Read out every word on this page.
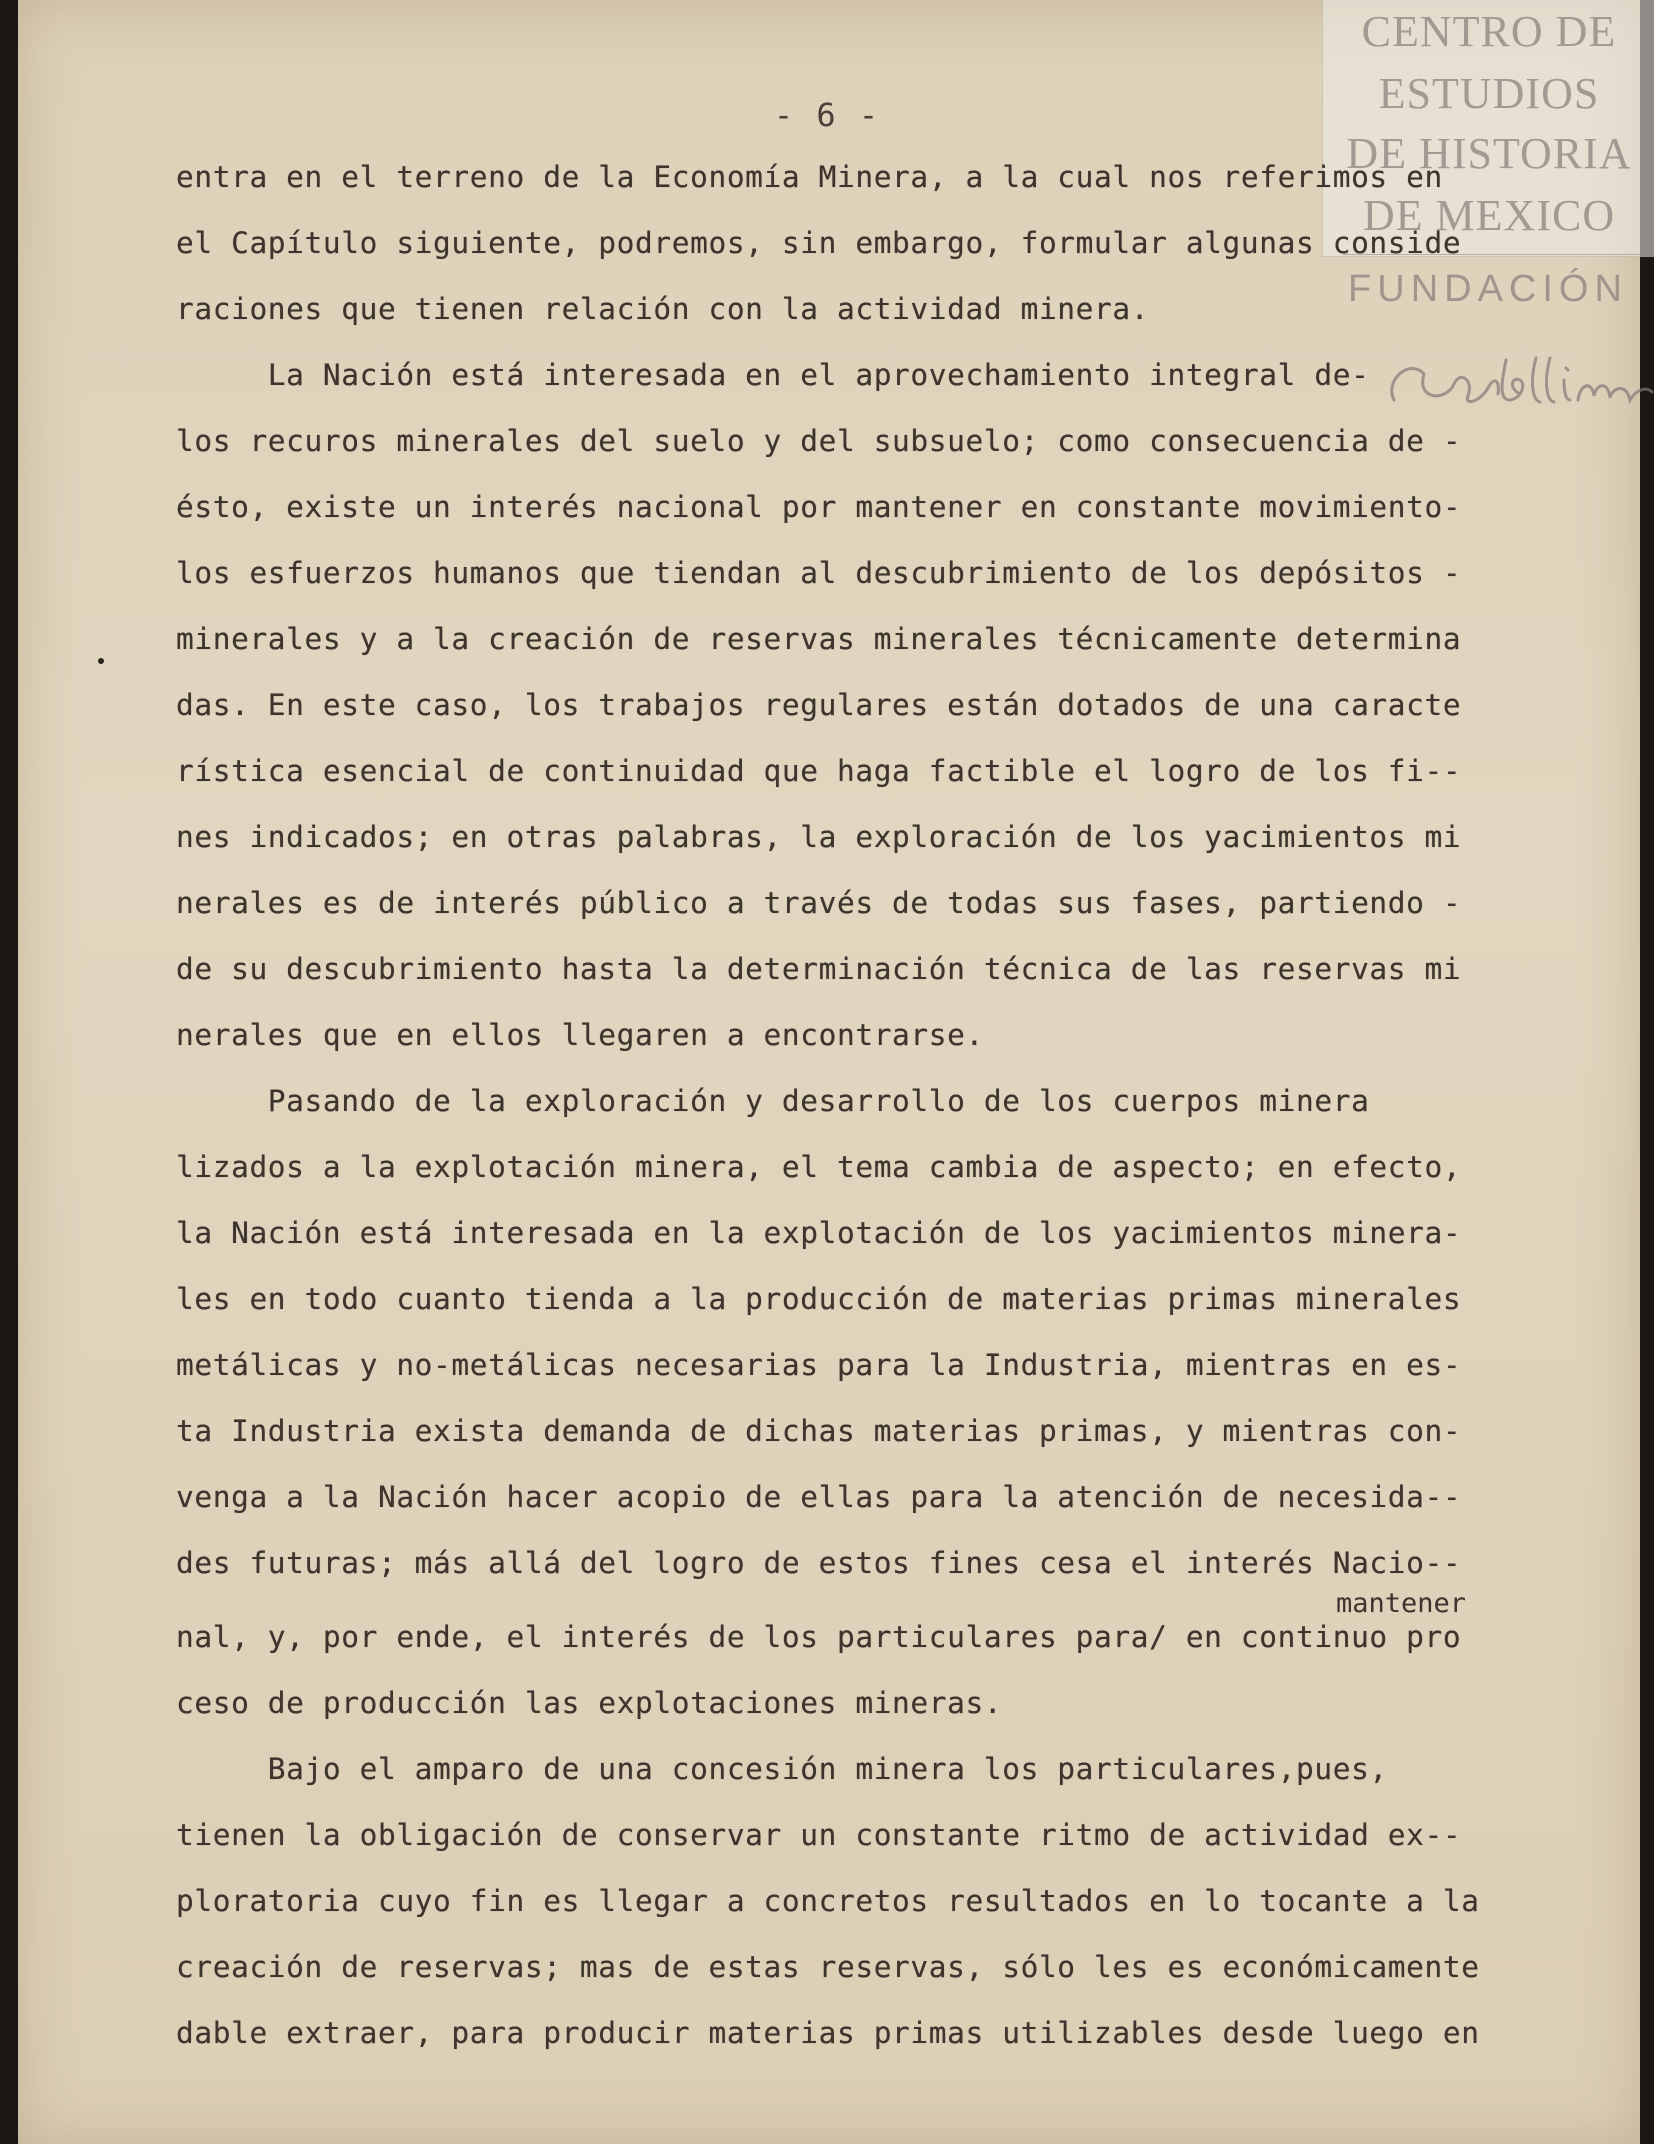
CENTRO DE
ESTUDIOS
DE HISTORIA
DE MEXICO
FUNDACIÓN
- 6 -
entra en el terreno de la Economía Minera, a la cual nos referimos en
el Capítulo siguiente, podremos, sin embargo, formular algunas conside
raciones que tienen relación con la actividad minera.
La Nación está interesada en el aprovechamiento integral de-
los recuros minerales del suelo y del subsuelo; como consecuencia de -
ésto, existe un interés nacional por mantener en constante movimiento-
los esfuerzos humanos que tiendan al descubrimiento de los depósitos -
minerales y a la creación de reservas minerales técnicamente determina
das. En este caso, los trabajos regulares están dotados de una caracte
rística esencial de continuidad que haga factible el logro de los fi--
nes indicados; en otras palabras, la exploración de los yacimientos mi
nerales es de interés público a través de todas sus fases, partiendo -
de su descubrimiento hasta la determinación técnica de las reservas mi
nerales que en ellos llegaren a encontrarse.
Pasando de la exploración y desarrollo de los cuerpos minera
lizados a la explotación minera, el tema cambia de aspecto; en efecto,
la Nación está interesada en la explotación de los yacimientos minera-
les en todo cuanto tienda a la producción de materias primas minerales
metálicas y no-metálicas necesarias para la Industria, mientras en es-
ta Industria exista demanda de dichas materias primas, y mientras con-
venga a la Nación hacer acopio de ellas para la atención de necesida--
des futuras; más allá del logro de estos fines cesa el interés Nacio--
nal, y, por ende, el interés de los particulares para/ en continuo pro
ceso de producción las explotaciones mineras.
Bajo el amparo de una concesión minera los particulares,pues,
tienen la obligación de conservar un constante ritmo de actividad ex--
ploratoria cuyo fin es llegar a concretos resultados en lo tocante a la
creación de reservas; mas de estas reservas, sólo les es económicamente
dable extraer, para producir materias primas utilizables desde luego en
mantener
